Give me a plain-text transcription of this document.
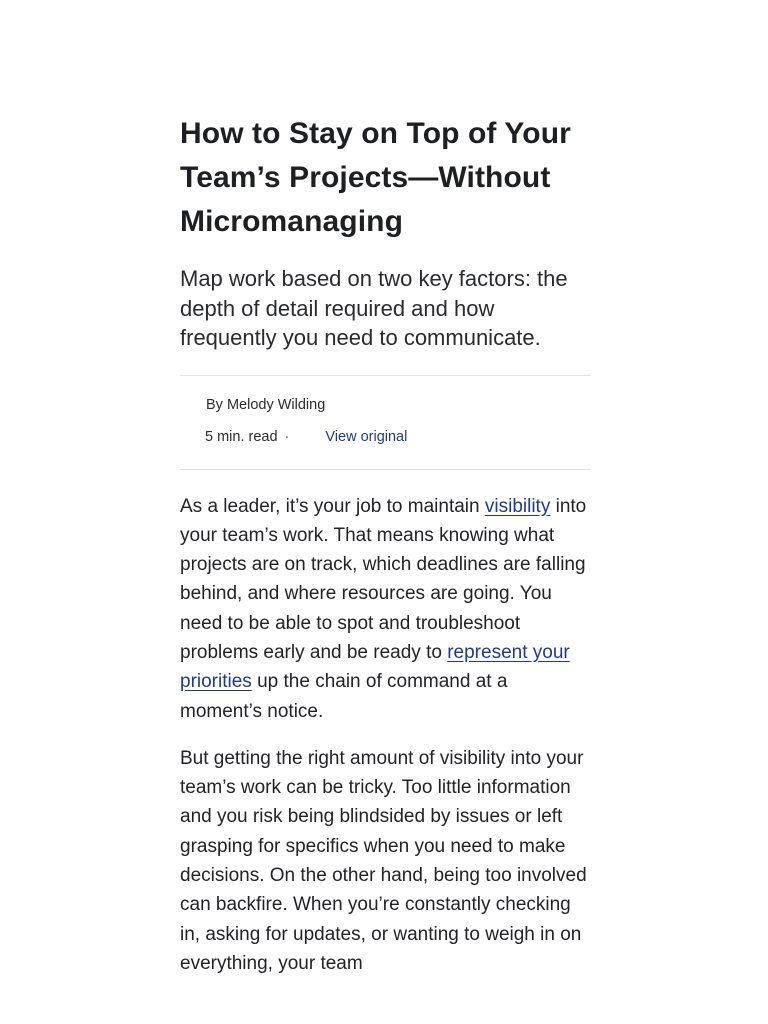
How to Stay on Top of Your Team’s Projects—Without Micromanaging
Map work based on two key factors: the depth of detail required and how frequently you need to communicate.
By Melody Wilding
5 min. read · View original

As a leader, it’s your job to maintain visibility into your team’s work. That means knowing what projects are on track, which deadlines are falling behind, and where resources are going. You need to be able to spot and troubleshoot problems early and be ready to represent your priorities up the chain of command at a moment’s notice.

But getting the right amount of visibility into your team’s work can be tricky. Too little information and you risk being blindsided by issues or left grasping for specifics when you need to make decisions. On the other hand, being too involved can backfire. When you’re constantly checking in, asking for updates, or wanting to weigh in on everything, your team
